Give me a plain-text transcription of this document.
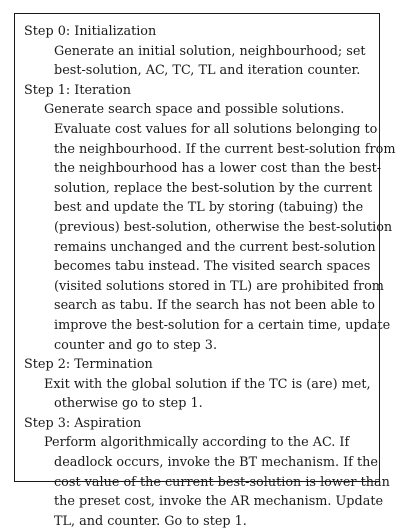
Step 0: Initialization
Generate an initial solution, neighbourhood; set
best-solution, AC, TC, TL and iteration counter.
Step 1: Iteration
Generate search space and possible solutions.
Evaluate cost values for all solutions belonging to
the neighbourhood. If the current best-solution from
the neighbourhood has a lower cost than the best-
solution, replace the best-solution by the current
best and update the TL by storing (tabuing) the
(previous) best-solution, otherwise the best-solution
remains unchanged and the current best-solution
becomes tabu instead. The visited search spaces
(visited solutions stored in TL) are prohibited from
search as tabu. If the search has not been able to
improve the best-solution for a certain time, update
counter and go to step 3.
Step 2: Termination
Exit with the global solution if the TC is (are) met,
otherwise go to step 1.
Step 3: Aspiration
Perform algorithmically according to the AC. If
deadlock occurs, invoke the BT mechanism. If the
cost value of the current best-solution is lower than
the preset cost, invoke the AR mechanism. Update
TL, and counter. Go to step 1.
